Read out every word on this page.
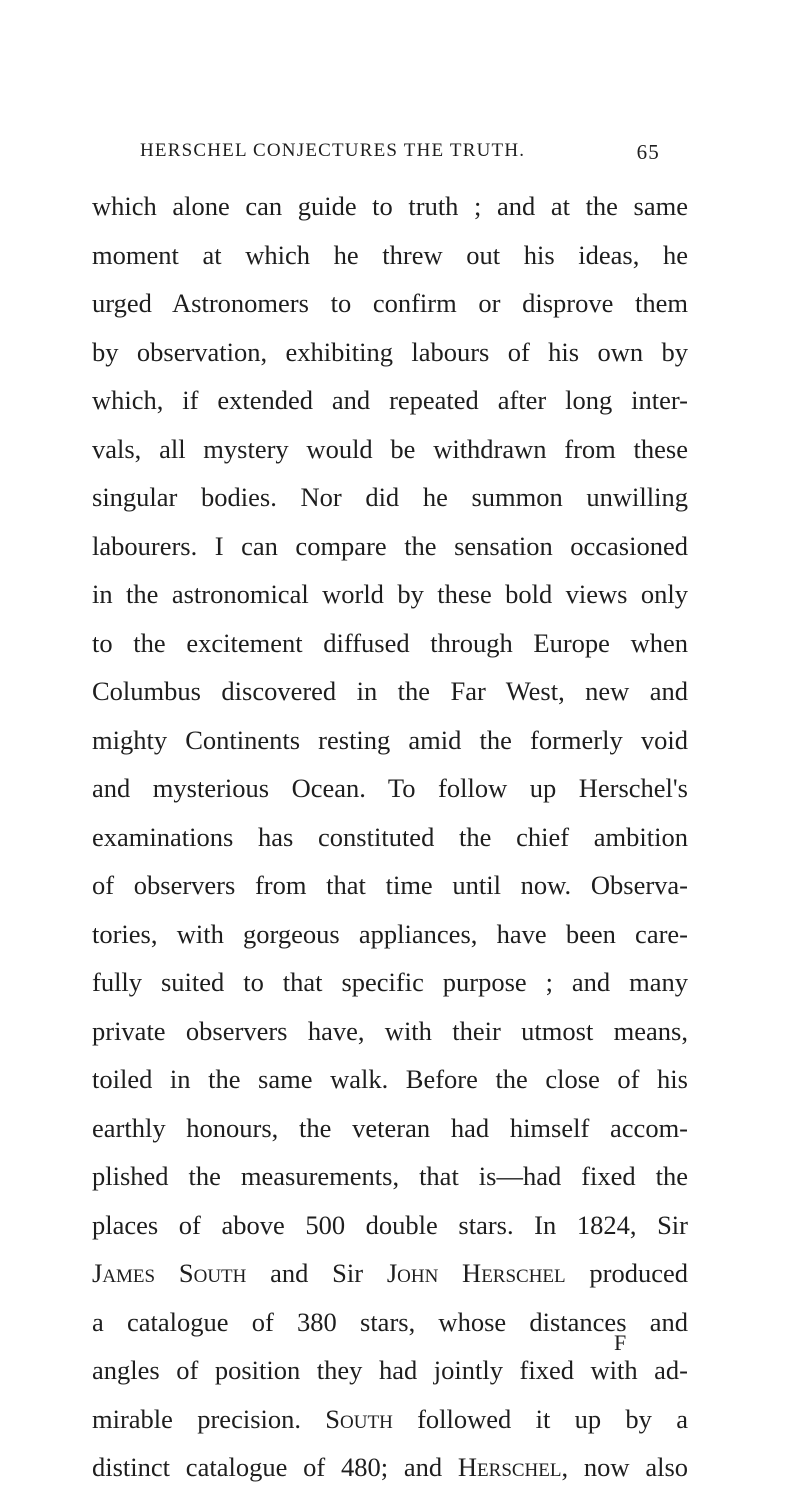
HERSCHEL CONJECTURES THE TRUTH.	65
which alone can guide to truth ; and at the same
moment at which he threw out his ideas, he
urged Astronomers to confirm or disprove them
by observation, exhibiting labours of his own by
which, if extended and repeated after long inter-
vals, all mystery would be withdrawn from these
singular bodies. Nor did he summon unwilling
labourers. I can compare the sensation occasioned
in the astronomical world by these bold views only
to the excitement diffused through Europe when
Columbus discovered in the Far West, new and
mighty Continents resting amid the formerly void
and mysterious Ocean. To follow up Herschel's
examinations has constituted the chief ambition
of observers from that time until now. Observa-
tories, with gorgeous appliances, have been care-
fully suited to that specific purpose ; and many
private observers have, with their utmost means,
toiled in the same walk. Before the close of his
earthly honours, the veteran had himself accom-
plished the measurements, that is—had fixed the
places of above 500 double stars. In 1824, Sir
James South and Sir John Herschel produced
a catalogue of 380 stars, whose distances and
angles of position they had jointly fixed with ad-
mirable precision. South followed it up by a
distinct catalogue of 480; and Herschel, now also
F
